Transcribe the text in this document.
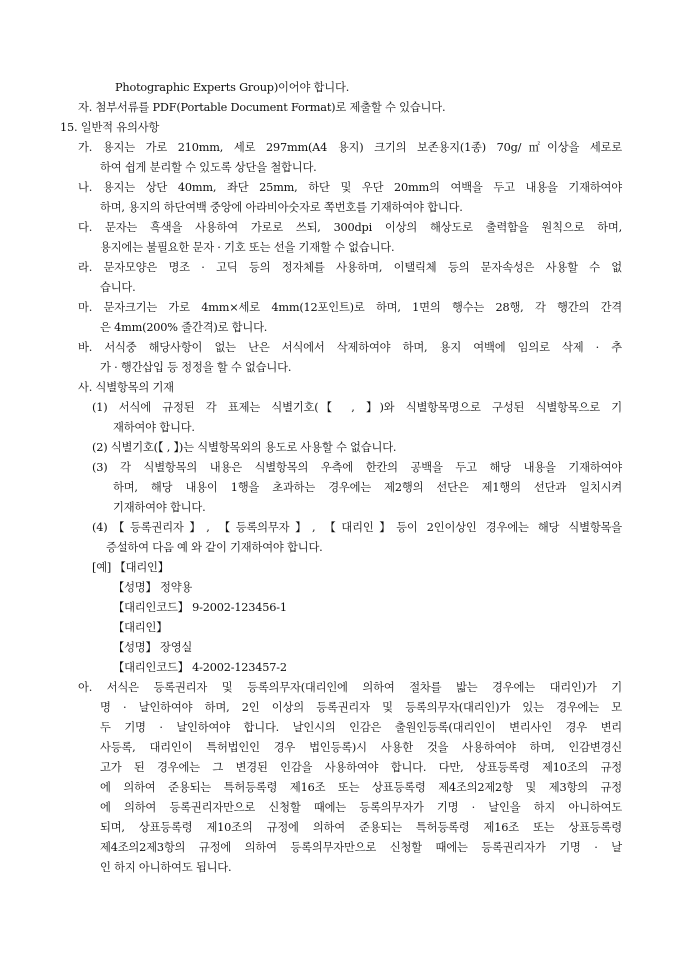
Photographic Experts Group)이어야 합니다.
자. 첨부서류를 PDF(Portable Document Format)로 제출할 수 있습니다.
15. 일반적 유의사항
가. 용지는 가로 210mm, 세로 297mm(A4 용지) 크기의 보존용지(1종) 70g/㎡이상을 세로로
하여 쉽게 분리할 수 있도록 상단을 철합니다.
나. 용지는 상단 40mm, 좌단 25mm, 하단 및 우단 20mm의 여백을 두고 내용을 기재하여야
하며, 용지의 하단여백 중앙에 아라비아숫자로 쪽번호를 기재하여야 합니다.
다. 문자는 흑색을 사용하여 가로로 쓰되, 300dpi 이상의 해상도로 출력함을 원칙으로 하며,
용지에는 불필요한 문자 · 기호 또는 선을 기재할 수 없습니다.
라. 문자모양은 명조 · 고딕 등의 정자체를 사용하며, 이탤릭체 등의 문자속성은 사용할 수 없
습니다.
마. 문자크기는 가로 4mm×세로 4mm(12포인트)로 하며, 1면의 행수는 28행, 각 행간의 간격
은 4mm(200% 줄간격)로 합니다.
바. 서식중 해당사항이 없는 난은 서식에서 삭제하여야 하며, 용지 여백에 임의로 삭제 · 추
가 · 행간삽입 등 정정을 할 수 없습니다.
사. 식별항목의 기재
(1) 서식에 규정된 각 표제는 식별기호(【 , 】)와 식별항목명으로 구성된 식별항목으로 기
재하여야 합니다.
(2) 식별기호(【 , 】)는 식별항목외의 용도로 사용할 수 없습니다.
(3) 각 식별항목의 내용은 식별항목의 우측에 한칸의 공백을 두고 해당 내용을 기재하여야
하며, 해당 내용이 1행을 초과하는 경우에는 제2행의 선단은 제1행의 선단과 일치시켜
기재하여야 합니다.
(4)【등록권리자】, 【등록의무자】, 【대리인】등이 2인이상인 경우에는 해당 식별항목을
증설하여 다음 예 와 같이 기재하여야 합니다.
[예] 【대리인】
【성명】 정약용
【대리인코드】 9-2002-123456-1
【대리인】
【성명】 장영실
【대리인코드】 4-2002-123457-2
아. 서식은 등록권리자 및 등록의무자(대리인에 의하여 절차를 밟는 경우에는 대리인)가 기
명 · 날인하여야 하며, 2인 이상의 등록권리자 및 등록의무자(대리인)가 있는 경우에는 모
두 기명 · 날인하여야 합니다. 날인시의 인감은 출원인등록(대리인이 변리사인 경우 변리
사등록, 대리인이 특허법인인 경우 법인등록)시 사용한 것을 사용하여야 하며, 인감변경신
고가 된 경우에는 그 변경된 인감을 사용하여야 합니다. 다만, 상표등록령 제10조의 규정
에 의하여 준용되는 특허등록령 제16조 또는 상표등록령 제4조의2제2항 및 제3항의 규정
에 의하여 등록권리자만으로 신청할 때에는 등록의무자가 기명 · 날인을 하지 아니하여도
되며, 상표등록령 제10조의 규정에 의하여 준용되는 특허등록령 제16조 또는 상표등록령
제4조의2제3항의 규정에 의하여 등록의무자만으로 신청할 때에는 등록권리자가 기명 · 날
인 하지 아니하여도 됩니다.
